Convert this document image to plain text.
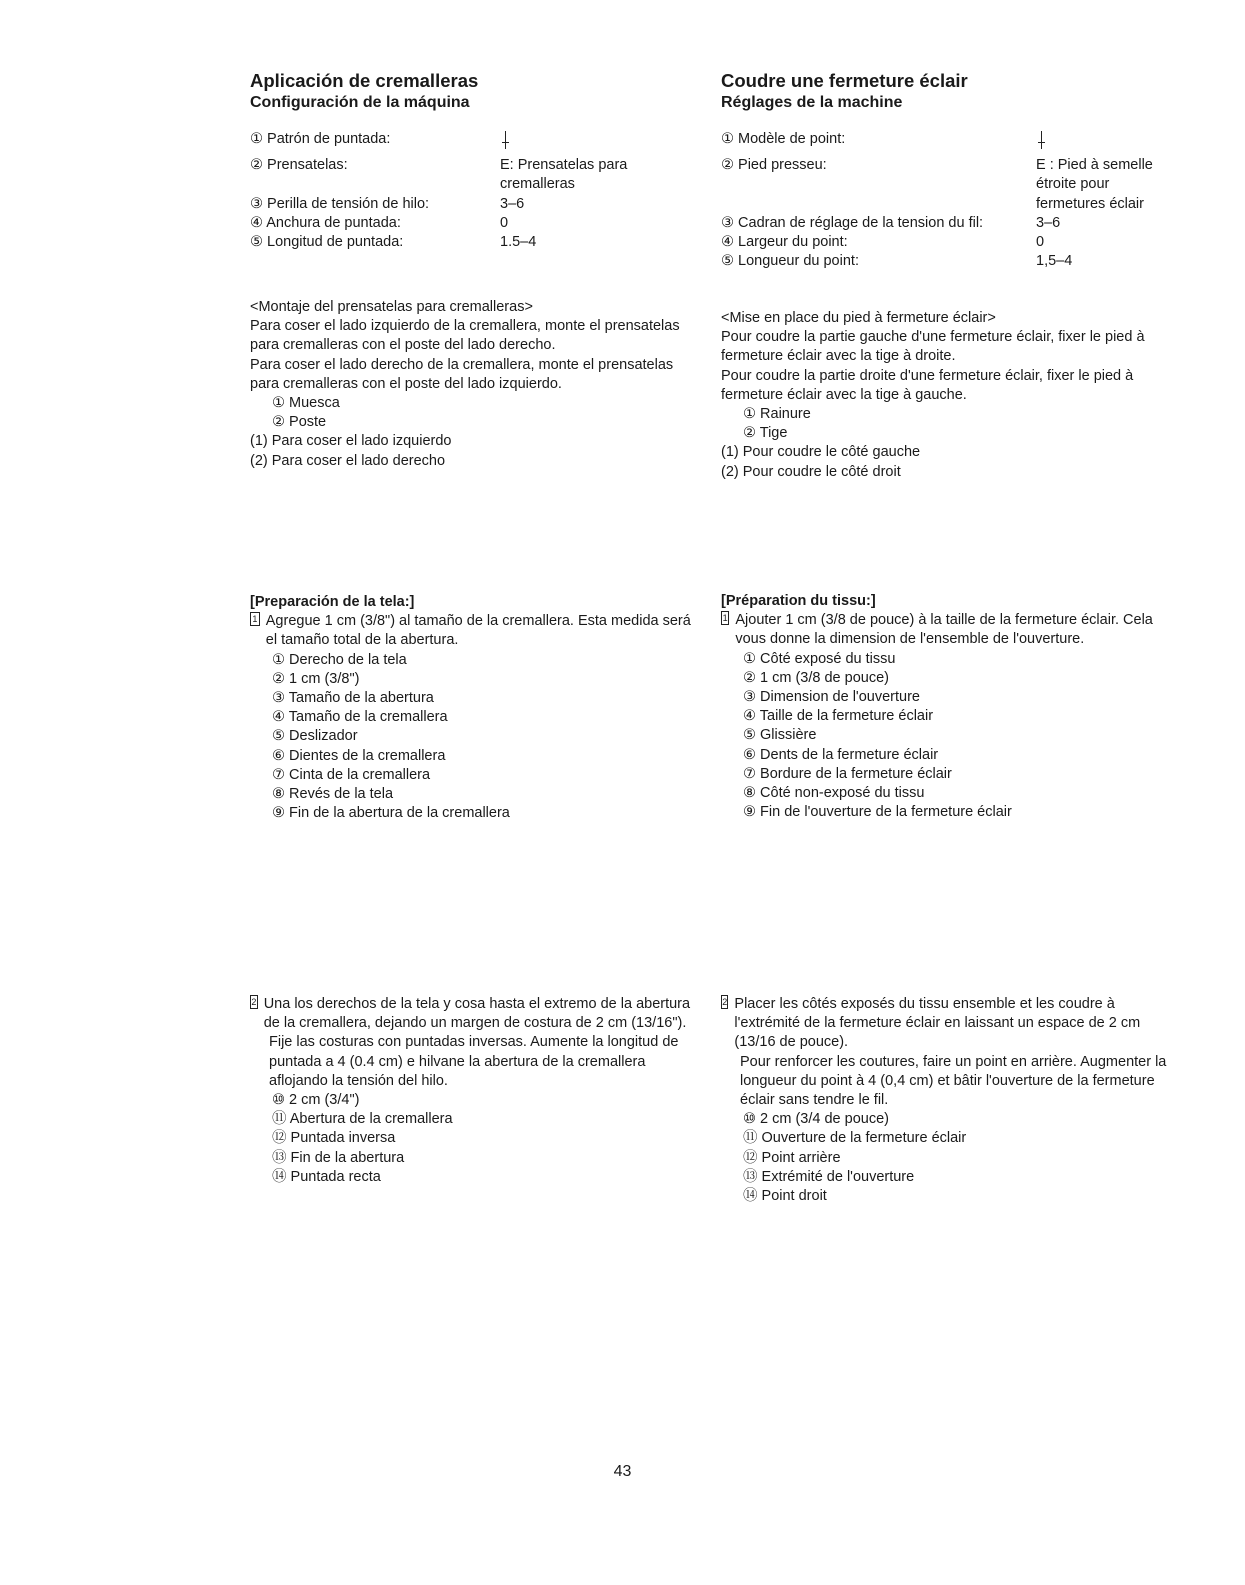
Aplicación de cremalleras
Configuración de la máquina
① Patrón de puntada:
② Prensatelas:	E: Prensatelas para cremalleras
③ Perilla de tensión de hilo:	3–6
④ Anchura de puntada:	0
⑤ Longitud de puntada:	1.5–4
<Montaje del prensatelas para cremalleras>

Para coser el lado izquierdo de la cremallera, monte el prensatelas para cremalleras con el poste del lado derecho.

Para coser el lado derecho de la cremallera, monte el prensatelas para cremalleras con el poste del lado izquierdo.

① Muesca
② Poste
(1) Para coser el lado izquierdo
(2) Para coser el lado derecho
[Preparación de la tela:]
1 Agregue 1 cm (3/8") al tamaño de la cremallera. Esta medida será el tamaño total de la abertura.
① Derecho de la tela
② 1 cm (3/8")
③ Tamaño de la abertura
④ Tamaño de la cremallera
⑤ Deslizador
⑥ Dientes de la cremallera
⑦ Cinta de la cremallera
⑧ Revés de la tela
⑨ Fin de la abertura de la cremallera
2 Una los derechos de la tela y cosa hasta el extremo de la abertura de la cremallera, dejando un margen de costura de 2 cm (13/16").
Fije las costuras con puntadas inversas. Aumente la longitud de puntada a 4 (0.4 cm) e hilvane la abertura de la cremallera aflojando la tensión del hilo.
⑩ 2 cm (3/4")
⑪ Abertura de la cremallera
⑫ Puntada inversa
⑬ Fin de la abertura
⑭ Puntada recta
Coudre une fermeture éclair
Réglages de la machine
① Modèle de point:
② Pied presseu:	E : Pied à semelle étroite pour fermetures éclair
③ Cadran de réglage de la tension du fil:	3–6
④ Largeur du point:	0
⑤ Longueur du point:	1,5–4
<Mise en place du pied à fermeture éclair>

Pour coudre la partie gauche d'une fermeture éclair, fixer le pied à fermeture éclair avec la tige à droite.

Pour coudre la partie droite d'une fermeture éclair, fixer le pied à fermeture éclair avec la tige à gauche.

① Rainure
② Tige
(1) Pour coudre le côté gauche
(2) Pour coudre le côté droit
[Préparation du tissu:]
1 Ajouter 1 cm (3/8 de pouce) à la taille de la fermeture éclair. Cela vous donne la dimension de l'ensemble de l'ouverture.
① Côté exposé du tissu
② 1 cm (3/8 de pouce)
③ Dimension de l'ouverture
④ Taille de la fermeture éclair
⑤ Glissière
⑥ Dents de la fermeture éclair
⑦ Bordure de la fermeture éclair
⑧ Côté non-exposé du tissu
⑨ Fin de l'ouverture de la fermeture éclair
2 Placer les côtés exposés du tissu ensemble et les coudre à l'extrémité de la fermeture éclair en laissant un espace de 2 cm (13/16 de pouce).
Pour renforcer les coutures, faire un point en arrière. Augmenter la longueur du point à 4 (0,4 cm) et bâtir l'ouverture de la fermeture éclair sans tendre le fil.
⑩ 2 cm (3/4 de pouce)
⑪ Ouverture de la fermeture éclair
⑫ Point arrière
⑬ Extrémité de l'ouverture
⑭ Point droit
43
